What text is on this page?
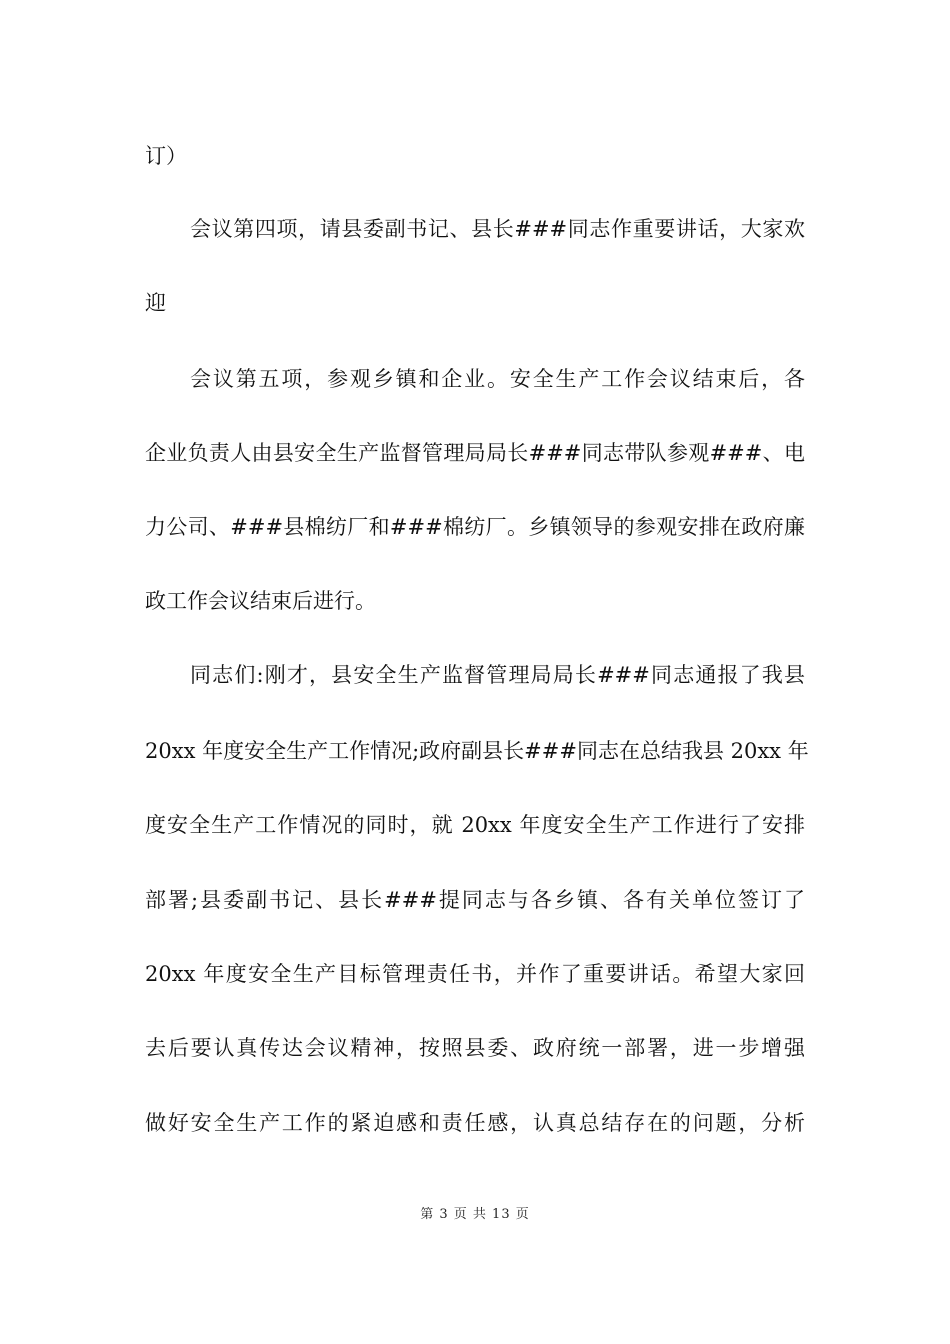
订）
会议第四项，请县委副书记、县长###同志作重要讲话，大家欢
迎
会议第五项，参观乡镇和企业。安全生产工作会议结束后，各
企业负责人由县安全生产监督管理局局长###同志带队参观###、电
力公司、###县棉纺厂和###棉纺厂。乡镇领导的参观安排在政府廉
政工作会议结束后进行。
同志们:刚才，县安全生产监督管理局局长###同志通报了我县
20xx 年度安全生产工作情况;政府副县长###同志在总结我县 20xx 年
度安全生产工作情况的同时，就 20xx 年度安全生产工作进行了安排
部署;县委副书记、县长###提同志与各乡镇、各有关单位签订了
20xx 年度安全生产目标管理责任书，并作了重要讲话。希望大家回
去后要认真传达会议精神，按照县委、政府统一部署，进一步增强
做好安全生产工作的紧迫感和责任感，认真总结存在的问题，分析
第 3 页 共 13 页
